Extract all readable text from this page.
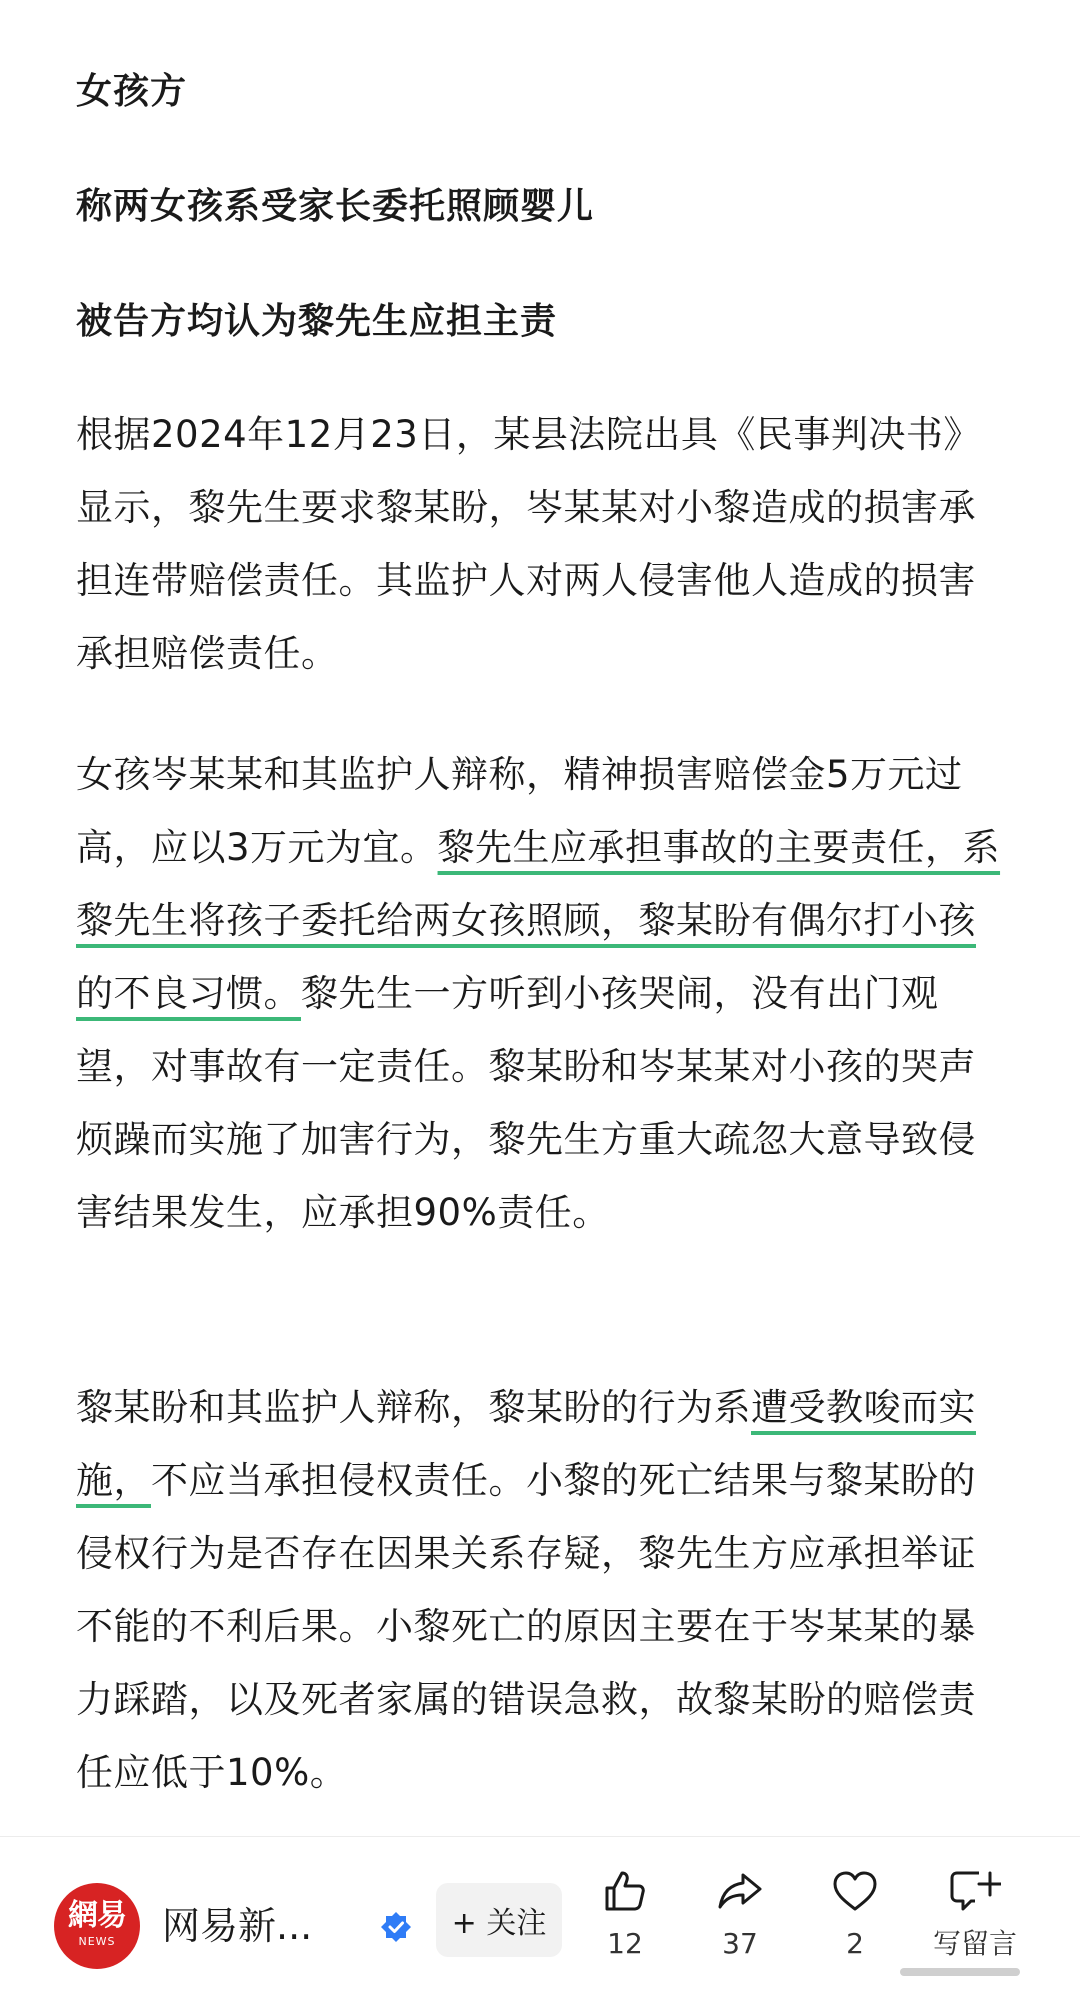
女孩方
称两女孩系受家长委托照顾婴儿
被告方均认为黎先生应担主责

根据2024年12月23日，某县法院出具《民事判决书》显示，黎先生要求黎某盼，岑某某对小黎造成的损害承担连带赔偿责任。其监护人对两人侵害他人造成的损害承担赔偿责任。

女孩岑某某和其监护人辩称，精神损害赔偿金5万元过高，应以3万元为宜。黎先生应承担事故的主要责任，系黎先生将孩子委托给两女孩照顾，黎某盼有偶尔打小孩的不良习惯。黎先生一方听到小孩哭闹，没有出门观望，对事故有一定责任。黎某盼和岑某某对小孩的哭声烦躁而实施了加害行为，黎先生方重大疏忽大意导致侵害结果发生，应承担90%责任。

黎某盼和其监护人辩称，黎某盼的行为系遭受教唆而实施，不应当承担侵权责任。小黎的死亡结果与黎某盼的侵权行为是否存在因果关系存疑，黎先生方应承担举证不能的不利后果。小黎死亡的原因主要在于岑某某的暴力踩踏，以及死者家属的错误急救，故黎某盼的赔偿责任应低于10%。

網易
NEWS	网易新...	+ 关注
12	37	2	写留言
